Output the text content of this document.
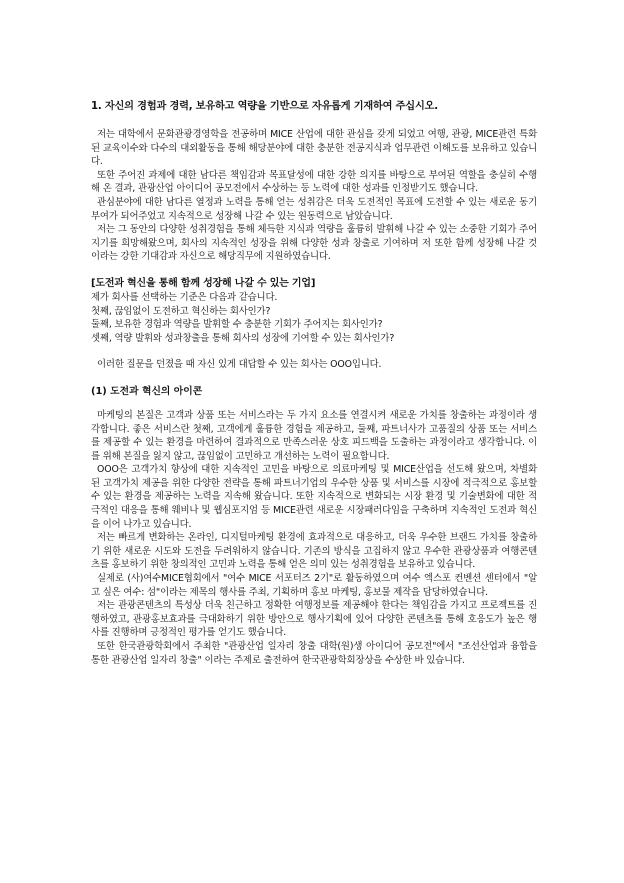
1. 자신의 경험과 경력, 보유하고 역량을 기반으로 자유롭게 기재하여 주십시오.

저는 대학에서 문화관광경영학을 전공하며 MICE 산업에 대한 관심을 갖게 되었고 여행, 관광, MICE관련 특화된 교육이수와 다수의 대외활동을 통해 해당분야에 대한 충분한 전공지식과 업무관련 이해도를 보유하고 있습니다.

또한 주어진 과제에 대한 남다른 책임감과 목표달성에 대한 강한 의지를 바탕으로 부여된 역할을 충실히 수행해 온 결과, 관광산업 아이디어 공모전에서 수상하는 등 노력에 대한 성과를 인정받기도 했습니다.

관심분야에 대한 남다른 열정과 노력을 통해 얻는 성취감은 더욱 도전적인 목표에 도전할 수 있는 새로운 동기부여가 되어주었고 지속적으로 성장해 나갈 수 있는 원동력으로 남았습니다.

저는 그 동안의 다양한 성취경험을 통해 체득한 지식과 역량을 훌륭히 발휘해 나갈 수 있는 소중한 기회가 주어지기를 희망해왔으며, 회사의 지속적인 성장을 위해 다양한 성과 창출로 기여하며 저 또한 함께 성장해 나갈 것이라는 강한 기대감과 자신으로 해당직무에 지원하였습니다.

[도전과 혁신을 통해 함께 성장해 나갈 수 있는 기업]

제가 회사를 선택하는 기준은 다음과 같습니다.

첫째, 끊임없이 도전하고 혁신하는 회사인가?

둘째, 보유한 경험과 역량을 발휘할 수 충분한 기회가 주어지는 회사인가?

셋째, 역량 발휘와 성과창출을 통해 회사의 성장에 기여할 수 있는 회사인가?

이러한 질문을 던졌을 때 자신 있게 대답할 수 있는 회사는 OOO입니다.

(1) 도전과 혁신의 아이콘

마케팅의 본질은 고객과 상품 또는 서비스라는 두 가지 요소를 연결시켜 새로운 가치를 창출하는 과정이라 생각합니다. 좋은 서비스란 첫째, 고객에게 훌륭한 경험을 제공하고, 둘째, 파트너사가 고품질의 상품 또는 서비스를 제공할 수 있는 환경을 마련하여 결과적으로 만족스러운 상호 피드백을 도출하는 과정이라고 생각합니다. 이를 위해 본질을 잃지 않고, 끊임없이 고민하고 개선하는 노력이 필요합니다.

OOO은 고객가치 향상에 대한 지속적인 고민을 바탕으로 의료마케팅 및 MICE산업을 선도해 왔으며, 차별화 된 고객가치 제공을 위한 다양한 전략을 통해 파트너기업의 우수한 상품 및 서비스를 시장에 적극적으로 홍보할 수 있는 환경을 제공하는 노력을 지속해 왔습니다. 또한 지속적으로 변화되는 시장 환경 및 기술변화에 대한 적극적인 대응을 통해 웨비나 및 웹심포지엄 등 MICE관련 새로운 시장패러다임을 구축하며 지속적인 도전과 혁신을 이어 나가고 있습니다.

저는 빠르게 변화하는 온라인, 디지털마케팅 환경에 효과적으로 대응하고, 더욱 우수한 브랜드 가치를 창출하기 위한 새로운 시도와 도전을 두려워하지 않습니다. 기존의 방식을 고집하지 않고 우수한 관광상품과 여행콘텐츠를 홍보하기 위한 창의적인 고민과 노력을 통해 얻은 의미 있는 성취경험을 보유하고 있습니다.

실제로 (사)여수MICE협회에서 "여수 MICE 서포터즈 2기"로 활동하였으며 여수 엑스포 컨벤션 센터에서 "알고 싶은 여수: 섬"이라는 제목의 행사를 주최, 기획하며 홍보 마케팅, 홍보물 제작을 담당하였습니다.

저는 관광콘텐츠의 특성상 더욱 친근하고 정확한 여행정보를 제공해야 한다는 책임감을 가지고 프로젝트를 진행하였고, 관광홍보효과를 극대화하기 위한 방안으로 행사기획에 있어 다양한 콘텐츠를 통해 호응도가 높은 행사를 진행하며 긍정적인 평가를 얻기도 했습니다.

또한 한국관광학회에서 주최한 "관광산업 일자리 창출 대학(원)생 아이디어 공모전"에서 "조선산업과 융합을 통한 관광산업 일자리 창출" 이라는 주제로 출전하여 한국관광학회장상을 수상한 바 있습니다.
